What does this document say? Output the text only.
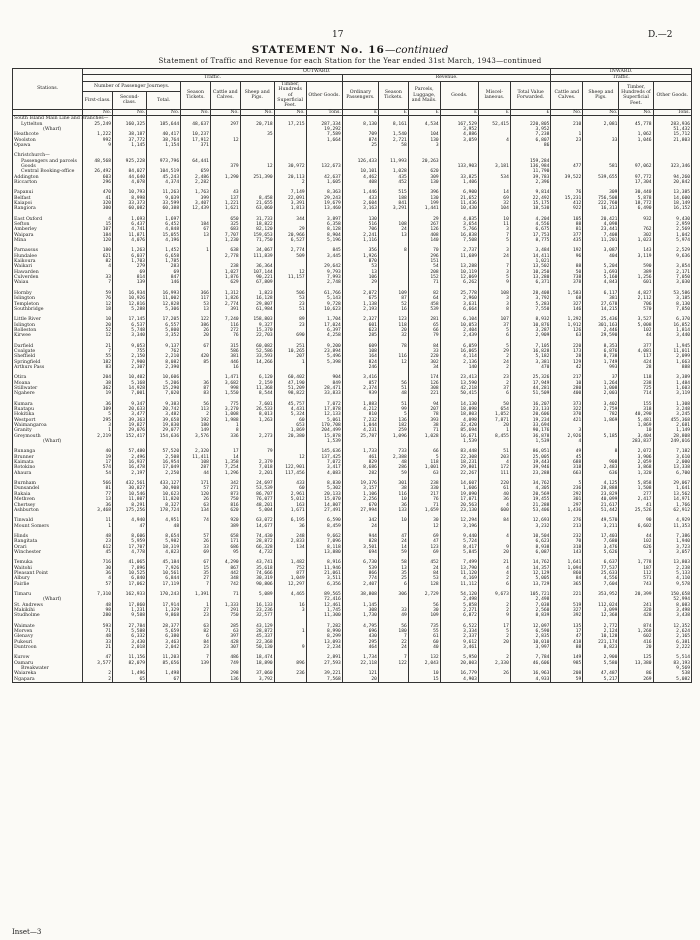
17	D.—2
STATEMENT No. 16—continued
Statement of Traffic and Revenue for each Station for the Year ended 31st March, 1943—continued
Stations.	OUTWARD.														INWARD.			
	Traffic.								Revenue.						Traffic.			
	Number of Passenger Journeys.			Season Tickets.	Cattle and Calves.	Sheep and Pigs.	Timber, Hundreds of Superficial Feet.	Other Goods.	Ordinary Passengers.	Season Tickets.	Parcels, Luggage, and Mails.	Goods.	Miscel-laneous.	Total Value Forwarded.	Cattle and Calves.	Sheep and Pigs.	Timber, Hundreds of Superficial Feet.	Other Goods.
	First-class.	Second-class.	Total.															
	No.	No.	No.	No.	No.	No.	No.	Tons.	£	£	£	£	£	£	No.	No.	No.	Tons.
South Island Main Line and Branches—																		
Lyttelton	25,249	160,325	185,644	48,637	297	20,718	17,215	287,334	8,130	8,161	4,534	167,529	52,415	220,805	210	2,081	45,778	283,936
(Wharf)								19,292				3,952		3,952				51,432
Heathcote	1,222	38,187	40,417	10,237		35		7,589	709	1,540	104	4,886		7,238	1		1,062	15,712
Woolston	992	37,772	38,764	17,912	12			1,664	874	2,721	130	3,059	4	6,807	23	33	1,046	21,803
Opawa	9	1,145	1,154	371					25	58	3			86				

Christchurch—																		
Passengers and parcels	48,568	925,228	973,796	64,441					126,433	11,993	20,263			159,284				
Goods					379	12	30,972	132,673				133,903	3,181	136,984	477	581	97,062	323,346
Central Booking-office	26,492	84,027	104,519	659					10,101	1,028	620			11,790				
Addington	603	44,640	45,243	2,486	1,290	251,390	20,113	42,637	4,462	435	309	33,825	534	39,783	39,522	539,655	97,772	94,260
Riccarton	296	4,078	4,374	2,282			2	1,605	408	452	130	1,406		2,396			17,304	20,842

Papanui	470	10,793	11,263	1,763	43		7,149	8,363	1,446	515	396	6,900	14	9,814	76	309	30,440	13,385
Belfast	41	8,998	9,039	399	137	8,458	22,091	29,243	433	188	130	21,652	69	22,492	15,231	756,508	5,878	14,600
Kaiapoi	320	33,373	33,599	3,407	1,221	21,655	3,391	19,679	2,604	841	199	11,436	32	15,175	412	222,760	18,772	18,149
Rangiora	300	60,082	60,388	12,439	1,621	63,060	1,813	13,460	3,163	3,291	1,441	10,430	104	18,530	922	16,313	6,490	16,152

East Oxford	4	1,693	1,697		650	31,733	344	3,897	130		29	4,035	10	4,204	105	20,421	932	9,430
Sefton	15	6,437	6,452	184	325	18,822		6,358	516	108	267	3,654	11	4,556	88	4,098		2,959
Amberley	107	4,741	4,848	67	683	82,120	29	8,128	706	24	126	5,766	3	6,675	81	23,441	762	2,569
Waipara	184	11,871	15,055	13	7,707	159,653	20,966	8,904	2,241	13	408	16,838	7	17,753	377	7,408	302	1,042
Mina	120	4,076	4,196		1,230	71,750	6,527	5,196	1,116		140	7,508	5	8,775	435	11,201	1,023	5,974

Parnassus	180	1,263	1,452	1	638	34,067	2,774	845	356	8	70	2,737	3	3,484	192	3,087	143	2,529
Hundalee	621	6,037	6,658		2,778	111,839	509	3,445	1,926		296	11,689	24	14,411	96	404	3,119	9,636
Kaikoura	82	1,703	1,785						870		151			1,021				
Waikari	4	279	283		238	36,364		29,642	53		54	13,288	7	13,502	88	5,204	590	3,854
Hawarden		69	69		1,027	107,144	12	9,793	13		208	10,119	3	10,250	50	1,693	389	2,171
Culverden	33	814	847		1,876	90,221	11,157	7,993	106		152	12,069	5	13,280	738	5,160	1,256	7,050
Waiau	7	139	146		629	67,809		2,748	29		71	6,262	9	6,371	378	4,843	601	3,030

Hornby	59	16,934	16,993	366	1,312	1,823	506	61,766	2,072	109	82	25,778	108	28,408	1,583	6,117	4,827	53,586
Islington	76	10,926	11,002	117	1,826	16,128	53	5,143	675	87	64	2,960	3	3,792	68	381	2,112	3,185
Templeton	12	12,816	12,828	53	2,774	29,807	23	9,728	1,138	52	458	3,631	3	5,283	327	27,678	706	8,130
Southbridge	18	5,288	5,306	13	391	61,984	51	10,623	2,193	16	539	6,664	8	7,550	146	14,215	570	7,850

Little River	10	17,145	17,205	122	7,240	158,803	89	1,704	2,327	123	281	6,104	107	8,932	1,292	25,436	3,527	6,370
Islington	20	6,537	6,557	386	116	9,327	23	17,024	601	118	65	10,053	37	10,876	1,912	301,163	5,008	16,852
Rolleston	52	5,748	5,800	26	272	15,370		6,397	623	20	66	2,404	5	3,287	126	2,446	102	1,814
Kirwee	12	3,340	3,352	20	76	22,703	690	4,258	285	32	79	2,439	6	2,909	63	29,590	44	3,440

Darfield	21	9,053	9,137	67	315	60,082	251	9,200	609	78	84	6,059	5	7,105	220	8,353	377	1,945
Coalgate	7	755	762		586	52,586	10,265	23,894	108		33	16,065	29	16,828	173	6,876	4,081	11,011
Sheffield	55	2,150	2,210	420	381	33,593	207	5,496	164	116	220	4,114	2	5,182	28	8,738	117	2,099
Springfield	182	7,900	8,082	85	446	14,266	1	5,398	824	12	302	2,136	24	3,381	129	1,749	424	1,663
Arthurs Pass	83	2,307	2,390		16				246		34	140	2	470	42	993	28	888

Otira	204	10,402	10,606		1,471	6,120	60,402	904	3,416		174	23,413	23	25,326	217	37	118	3,389
Moana	38	5,168	5,206	36	3,682	2,159	47,190	849	857	56	126	13,590	2	17,949	10	1,264	238	1,484
Stillwater	362	14,928	15,290	87	998	11,368	51,209	28,471	2,374	51	308	42,218	37	44,281	280	1,008	725	1,603
Ngahere	19	7,001	7,020	83	1,550	8,544	98,822	33,833	939	48	221	50,415	6	51,509	400	2,003	714	3,119

Kumara	36	9,347	9,383	56	775	7,601	45,757	7,072	1,883	51	94	14,130	50	16,207	373	3,402	155	1,308
Ruatapu	109	20,633	20,742	113	3,270	26,533	4,431	17,878	4,212	99	207	18,098	654	23,133	322	2,759	318	3,248
Hokitika	5	3,477	3,482	2	1,008	8,013	5,324	12,133	810	5	78	18,803	1,052	20,606	370	782	40,290	3,245
Westport	295	39,363	39,658	192	1,988	1,263	60	5,061	7,232	136	393	4,098	7,871	19,234	421	1,869	5,481	455,368
Waimangaroa	3	19,827	19,830	180	1		653	170,708	1,044	182	38	32,420	20	33,694			1,869	2,681
Granity	1	29,076	29,077	149	8		1,869	204,499	4,231	259	71	85,694	1	90,176	3		10	1,149
Greymouth	2,219	152,417	154,636	3,576	336	2,273	20,380	15,878	25,787	1,096	1,028	16,671	8,455	36,878	2,926	5,185	3,404	28,808
(Wharf)								1,539				1,539		1,539	4		283,837	249,016

Runanga	40	57,480	57,520	2,320	17	79		145,636	1,733	733	66	83,448	51	86,051	49	8	2,072	7,182
Brunner	19	2,496	2,508	11,411	14		12	137,425	461	2,388	5	22,308	203	25,005	45		3,906	3,610
Kaimata	17	16,937	16,954	108	1,358	2,379		7,072	829	48	118	18,231	4	19,443	688	908	2,059	2,000
Rotokino	574	16,478	17,049	287	7,254	7,018	122,901	3,417	8,686	286	1,001	29,801	172	39,946	318	2,483	3,868	13,338
Ahaura	54	2,197	2,250	44	1,296	2,201	117,456	4,083	282	59	63	22,267	111	23,288	663	636	1,320	6,700

Burnham	566	432,561	433,127	171	342	24,697	433	8,830	19,376	301	238	14,607	220	34,762	5	4,125	5,858	29,067
Dunsandel	81	30,827	30,908	57	271	53,539	60	5,302	3,157	38	330	1,606	61	4,305	236	28,888	1,508	1,641
Rakaia	77	10,546	10,623	120	873	86,707	2,961	20,133	1,106	116	217	19,090	40	20,569	292	23,829	277	13,562
Methven	13	11,807	11,820	26	750	76,077	5,012	15,070	2,256	10	76	17,071	36	19,455	301	40,099	2,417	14,971
Chertsey	36	8,291	8,327	63	816	48,201	163	14,807	670	36	71	20,563	4	21,288	297	21,617	41	1,766
Ashburton	3,468	175,256	178,724	134	620	5,004	1,671	27,491	27,994	133	1,659	23,130	600	53,406	1,436	51,442	25,526	62,912

Tinwald	11	4,940	4,951	74	920	63,072	6,195	6,590	342	10	30	12,294	84	12,693	276	49,570	90	4,929
Mount Somers	1	47	48		389	14,677	36	8,459	24		12	3,196		3,232	213	3,211	6,602	11,353

Hinds	48	8,606	8,654	57	658	74,430	248	9,662	944	47	69	9,440	4	10,504	232	17,403	44	7,386
Rangitata	23	5,959	5,982	26	171	28,872	2,833	7,096	828	24	47	5,724		6,623	70	7,680	102	1,940
Orari	612	17,707	18,319	33	686	66,328	134	8,118	3,501	14	123	8,417	9	8,938	318	3,476	626	3,723
Winchester	45	4,778	4,823	69	95	4,732		13,880	694	59	69	5,845	20	6,087	143	5,626	3	3,057

Temuka	716	41,065	45,184	67	4,290	43,741	1,482	8,916	6,730	58	452	7,499	21	14,762	1,641	6,637	1,778	13,803
Waitohi	30	7,896	7,926	15	867	35,618	752	11,946	539	13	24	13,790	4	14,357	1,094	77,537	187	2,238
Pleasant Point	36	10,525	10,561	35	442	74,666	877	21,061	866	35	84	11,120	4	12,129	860	25,633	112	5,133
Albury	4	6,840	6,844	27	348	30,319	1,049	3,511	774	25	53	4,169	2	5,005	84	4,556	571	4,110
Fairlie	57	17,062	17,119	7	742	90,806	12,297	6,356	2,407	6	128	11,112	6	13,729	365	7,604	743	9,578

Timaru	7,310	162,933	170,243	1,391	71	5,089	4,465	89,565	38,808	306	2,729	54,120	9,673	105,721	221	353,952	20,399	150,658
(Wharf)								72,416				2,498		2,498				52,994
St. Andrews	48	17,860	17,914	1	1,333	16,133	16	12,461	1,145		56	5,858	2	7,038	519	112,024	241	8,083
Makikihi	98	1,231	1,329	27	291	23,236	3	1,745	308	33	30	2,271	2	2,560	327	3,099	320	3,498
Studholme	280	9,588	9,868	23	750	32,577		11,300	1,730	49	109	6,872	9	8,839	392	12,368	428	3,438

Waimate	593	27,784	28,377	63	285	43,129		7,282	4,795	56	735	6,522	17	12,097	135	2,772	874	12,352
Morven	71	5,588	5,659	82	63	28,872	1	8,990	696	180	55	3,334	5	6,590	17	2,124	1,260	2,624
Glenavy	48	6,332	6,380	6	397	45,337		8,299	430	7	61	2,337	2	2,835	47	10,128	602	2,165
Pukeuri	33	3,430	3,463	84	428	22,368		13,093	295	22	60	9,612	20	10,010	418	221,174	416	6,381
Duntroon	21	2,018	2,042	23	307	50,130	9	2,234	464	24	40	3,461		3,997	88	8,823	20	2,222

Kurow	47	11,156	11,203	7	486	18,474		2,891	1,734	7	132	5,950	2	7,784	149	2,900	125	5,514
Oamaru	3,577	82,079	85,656	139	749	18,890	896	27,593	22,118	122	2,043	20,003	2,330	46,606	985	5,580	13,380	83,193
Breakwater																		9,569
Waiareka	2	1,496	1,498		298	37,060	236	39,221	121		10	16,779	26	16,963	208	47,487	86	538
Ngapara	2	65	67		136	3,792		7,568	20		15	4,903		4,933	59	5,217	269	5,082
Inset—3
